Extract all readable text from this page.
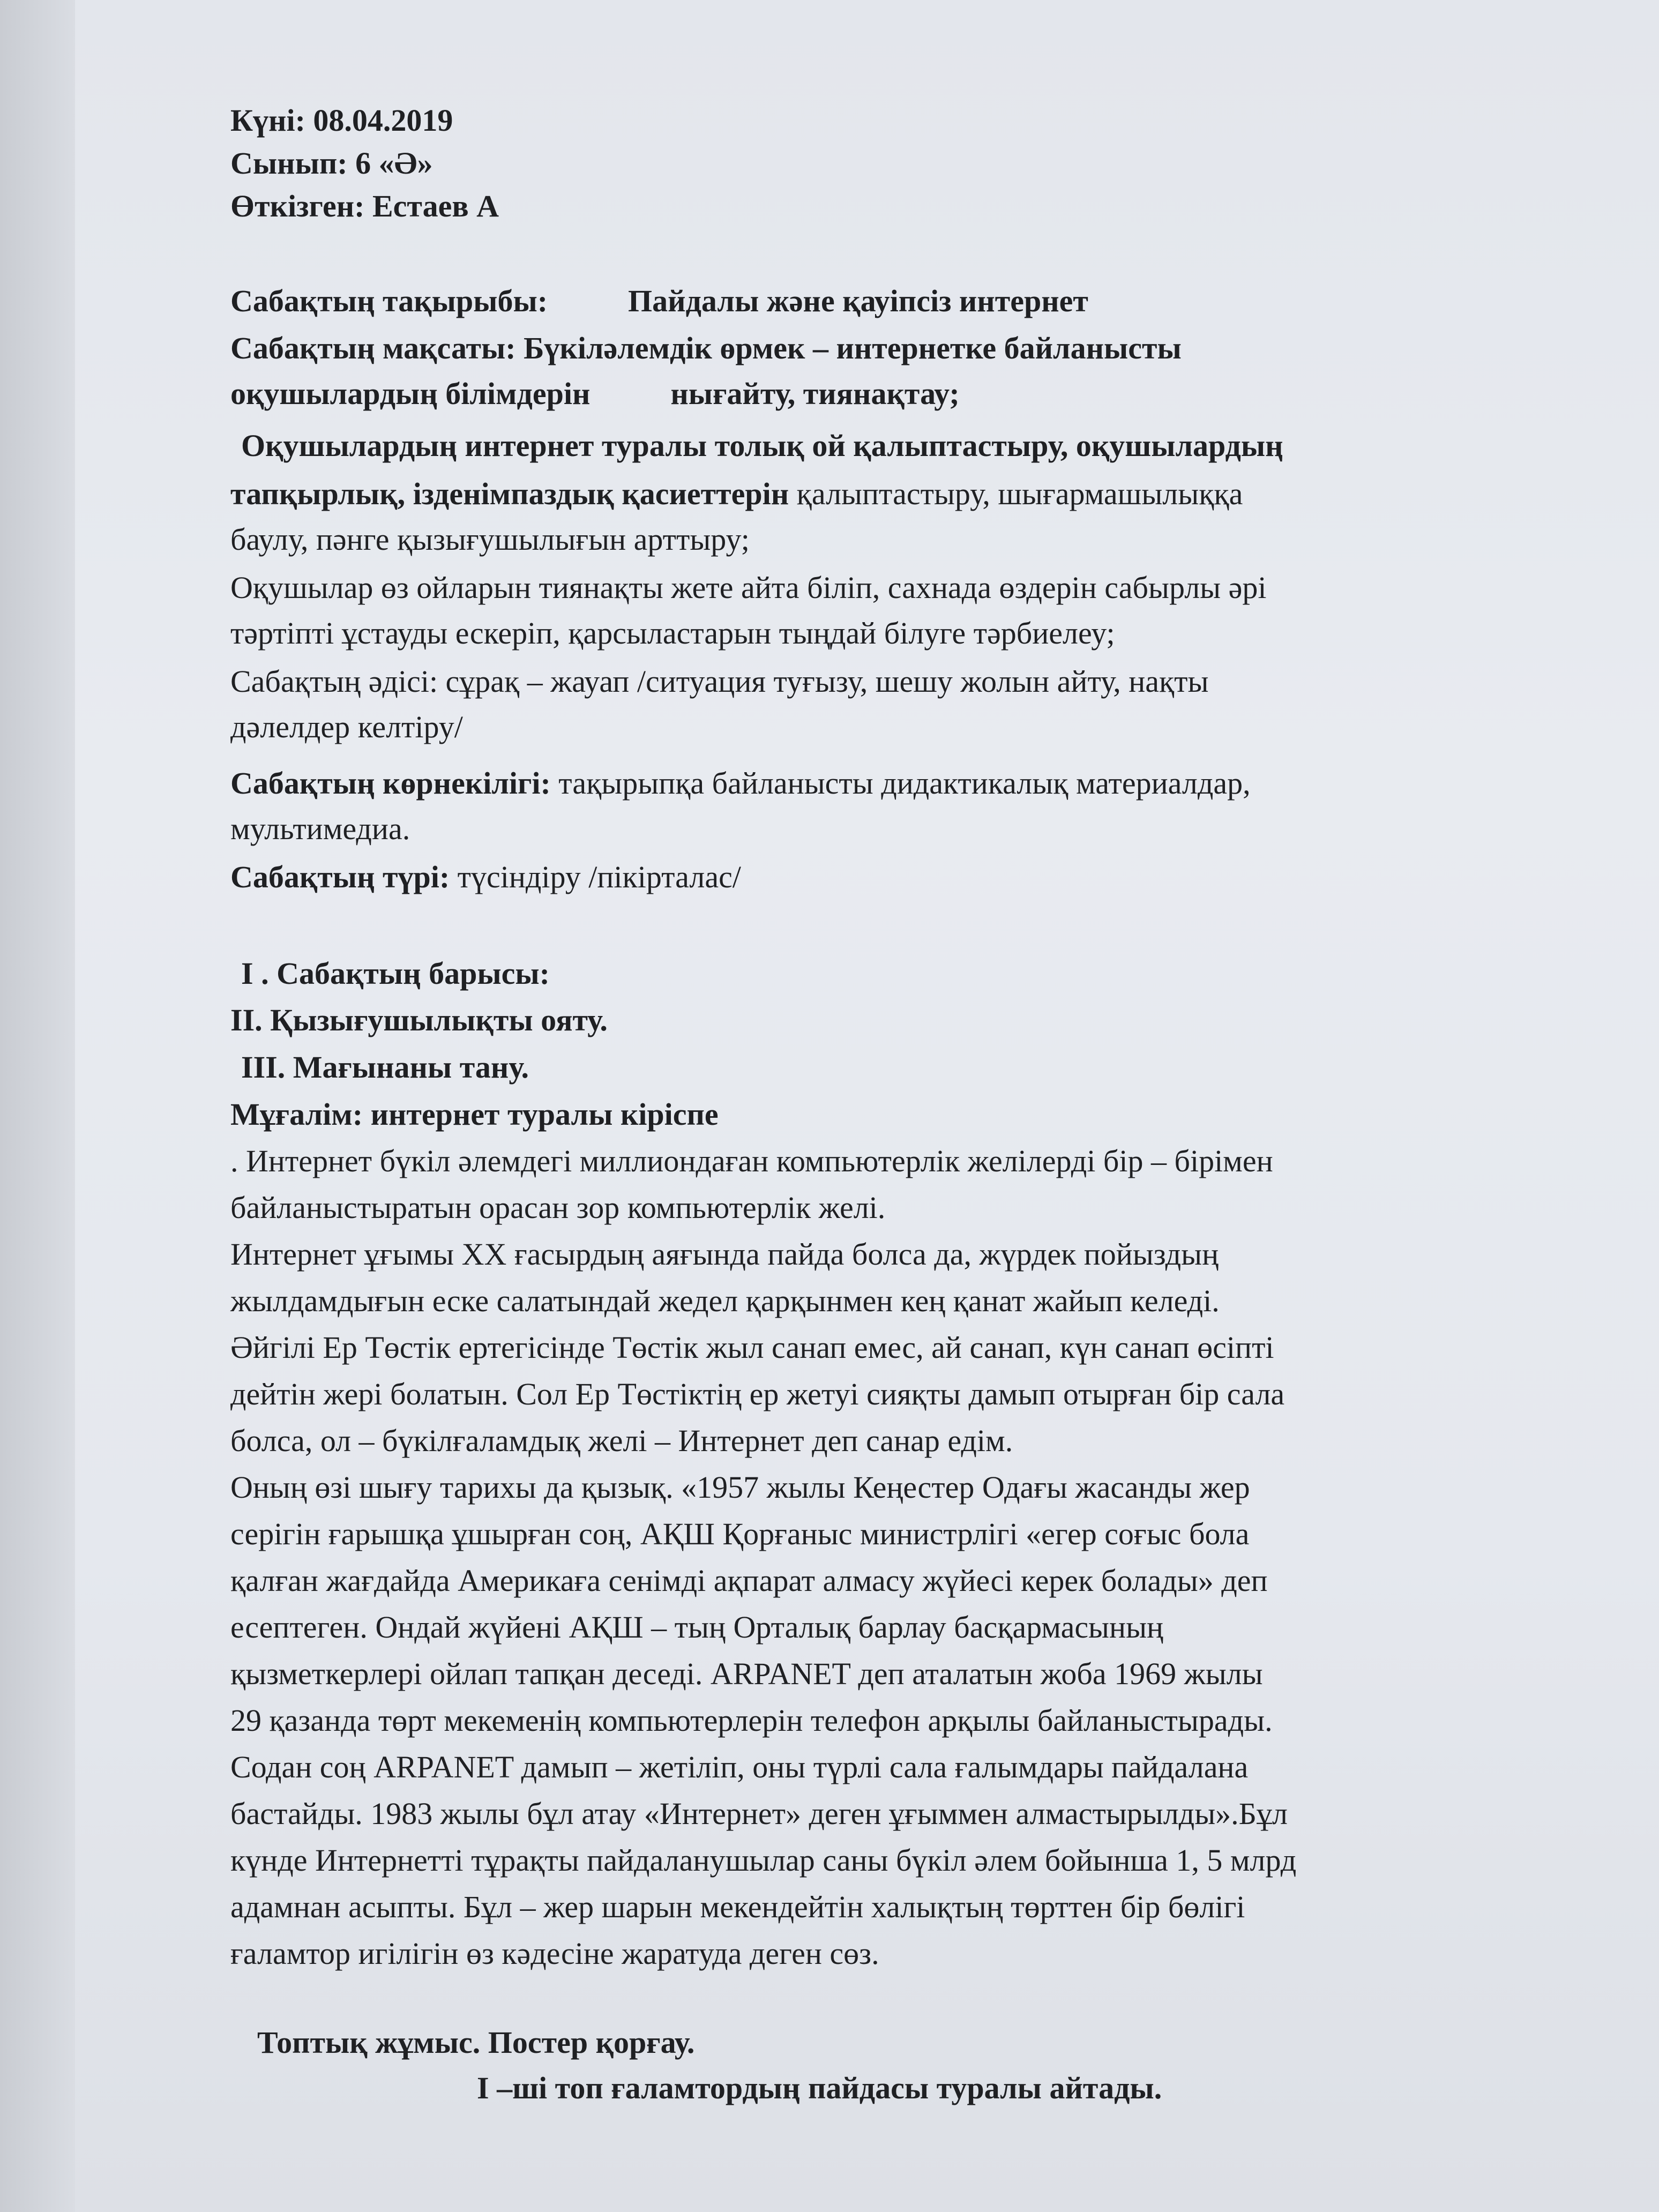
Күні: 08.04.2019

Сынып: 6 «Ә»

Өткізген: Естаев А

Сабақтың тақырыбы:	Пайдалы және қауіпсіз интернет

Сабақтың мақсаты: Бүкіләлемдік өрмек – интернетке байланысты

оқушылардың білімдерін	нығайту, тиянақтау;

Оқушылардың интернет туралы толық ой қалыптастыру, оқушылардың

тапқырлық, ізденімпаздық қасиеттерін қалыптастыру, шығармашылыққа

баулу, пәнге қызығушылығын арттыру;

Оқушылар өз ойларын тиянақты жете айта біліп, сахнада өздерін сабырлы әрі

тәртіпті ұстауды ескеріп, қарсыластарын тыңдай білуге тәрбиелеу;

Сабақтың әдісі: сұрақ – жауап /ситуация туғызу, шешу жолын айту, нақты

дәлелдер келтіру/

Сабақтың көрнекілігі: тақырыпқа байланысты дидактикалық материалдар,

мультимедиа.

Сабақтың түрі: түсіндіру /пікірталас/

І . Сабақтың барысы:

ІІ. Қызығушылықты ояту.

ІІІ. Мағынаны тану.

Мұғалім: интернет туралы кіріспе

. Интернет бүкіл әлемдегі миллиондаған компьютерлік желілерді бір – бірімен

байланыстыратын орасан зор компьютерлік желі.

Интернет ұғымы ХХ ғасырдың аяғында пайда болса да, жүрдек пойыздың

жылдамдығын еске салатындай жедел қарқынмен кең қанат жайып келеді.

Әйгілі Ер Төстік ертегісінде Төстік жыл санап емес, ай санап, күн санап өсіпті

дейтін жері болатын. Сол Ер Төстіктің ер жетуі сияқты дамып отырған бір сала

болса, ол – бүкілғаламдық желі – Интернет деп санар едім.

Оның өзі шығу тарихы да қызық. «1957 жылы Кеңестер Одағы жасанды жер

серігін ғарышқа ұшырған соң, АҚШ Қорғаныс министрлігі «егер соғыс бола

қалған жағдайда Америкаға сенімді ақпарат алмасу жүйесі керек болады» деп

есептеген. Ондай жүйені АҚШ – тың Орталық барлау басқармасының

қызметкерлері ойлап тапқан деседі. ARPANET деп аталатын жоба 1969 жылы

29 қазанда төрт мекеменің компьютерлерін телефон арқылы байланыстырады.

Содан соң ARPANET дамып – жетіліп, оны түрлі сала ғалымдары пайдалана

бастайды. 1983 жылы бұл атау «Интернет» деген ұғыммен алмастырылды».Бұл

күнде Интернетті тұрақты пайдаланушылар саны бүкіл әлем бойынша 1, 5 млрд

адамнан асыпты. Бұл – жер шарын мекендейтін халықтың төрттен бір бөлігі

ғаламтор игілігін өз кәдесіне жаратуда деген сөз.

Топтық жұмыс. Постер қорғау.

І –ші топ ғаламтордың пайдасы туралы айтады.
